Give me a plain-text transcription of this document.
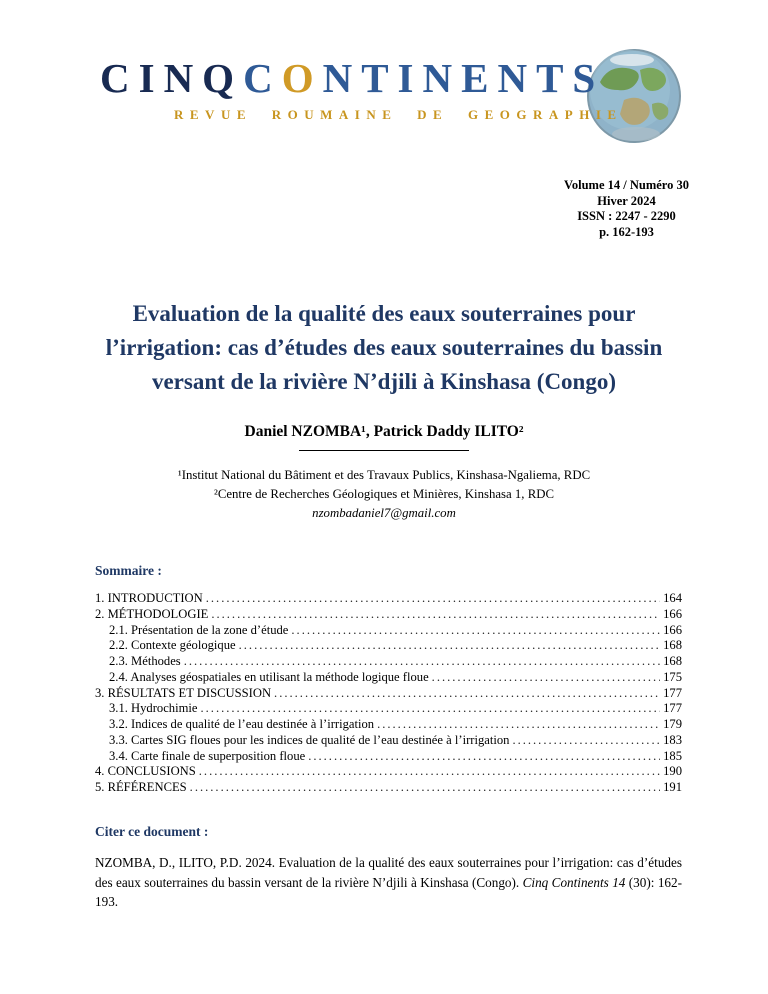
CINQCONTINENTS
REVUE ROUMAINE DE GEOGRAPHIE
Volume 14 / Numéro 30
Hiver 2024
ISSN : 2247 - 2290
p. 162-193
Evaluation de la qualité des eaux souterraines pour l’irrigation: cas d’études des eaux souterraines du bassin versant de la rivière N’djili à Kinshasa (Congo)
Daniel NZOMBA¹, Patrick Daddy ILITO²
¹Institut National du Bâtiment et des Travaux Publics, Kinshasa-Ngaliema, RDC
²Centre de Recherches Géologiques et Minières, Kinshasa 1, RDC
nzombadaniel7@gmail.com
Sommaire :
1. INTRODUCTION .....	164
2. MÉTHODOLOGIE .....	166
2.1. Présentation de la zone d’étude .....	166
2.2. Contexte géologique .....	168
2.3. Méthodes .....	168
2.4. Analyses géospatiales en utilisant la méthode logique floue .....	175
3. RÉSULTATS ET DISCUSSION .....	177
3.1. Hydrochimie .....	177
3.2. Indices de qualité de l’eau destinée à l’irrigation .....	179
3.3. Cartes SIG floues pour les indices de qualité de l’eau destinée à l’irrigation .....	183
3.4. Carte finale de superposition floue .....	185
4. CONCLUSIONS .....	190
5. RÉFÉRENCES .....	191
Citer ce document :

NZOMBA, D., ILITO, P.D. 2024. Evaluation de la qualité des eaux souterraines pour l’irrigation: cas d’études des eaux souterraines du bassin versant de la rivière N’djili à Kinshasa (Congo). Cinq Continents 14 (30): 162-193.
